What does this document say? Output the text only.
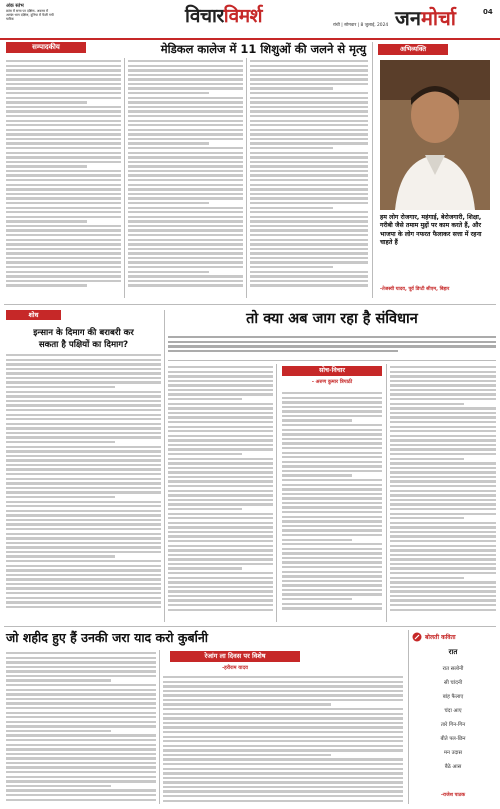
अंक स्तंभ
फ्रांस में सत्ता पर दक्षिण- अवसर में
अत्यंत भाग दक्षिण, दुनिया में फैली गयी
यारिक	विचारविमर्श	रांची | सोमवार | 8 जुलाई, 2024 जनमोर्चा	04
सम्पादकीय	मेडिकल कालेज में 11 शिशुओं की जलने से मृत्यु	अभिव्यक्ति
हम लोग रोजगार, महंगाई, बेरोजगारी, शिक्षा, गरीबी जैसे तमाम मुद्दों पर काम करते हैं, और भाजपा के लोग नफरत फैलाकर सत्ता में रहना चाहते हैं
-तेजस्वी यादव, पूर्व डिप्टी सीएम, बिहार
शोध
इन्सान के दिमाग की बराबरी कर
सकता है पक्षियों का दिमाग?
तो क्या अब जाग रहा है संविधान
सोच-विचार
- अरुण कुमार त्रिपाठी
जो शहीद हुए हैं उनकी जरा याद करो कुर्बानी
रेजांग ला दिवस पर विशेष
-हरीराम यादव
बोलती कविता
रात
रात सलोनी
सी चांदनी
बांह फैलाए
चंदा आए
तारे गिन-गिन
बीते पल-छिन
मन उदास
बैठे आस
-राजेश पाठक
